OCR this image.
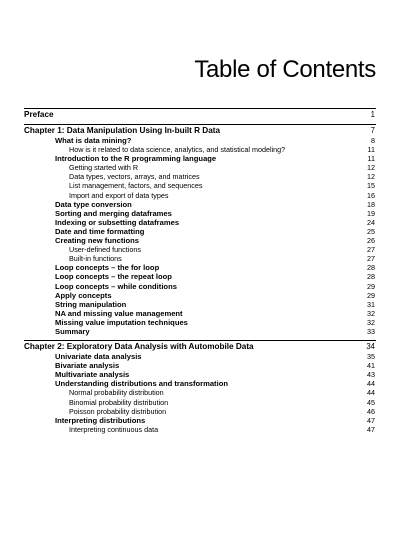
Table of Contents
Preface	1
Chapter 1: Data Manipulation Using In-built R Data	7
What is data mining?	8
How is it related to data science, analytics, and statistical modeling?	11
Introduction to the R programming language	11
Getting started with R	12
Data types, vectors, arrays, and matrices	12
List management, factors, and sequences	15
Import and export of data types	16
Data type conversion	18
Sorting and merging dataframes	19
Indexing or subsetting dataframes	24
Date and time formatting	25
Creating new functions	26
User-defined functions	27
Built-in functions	27
Loop concepts – the for loop	28
Loop concepts – the repeat loop	28
Loop concepts – while conditions	29
Apply concepts	29
String manipulation	31
NA and missing value management	32
Missing value imputation techniques	32
Summary	33
Chapter 2: Exploratory Data Analysis with Automobile Data	34
Univariate data analysis	35
Bivariate analysis	41
Multivariate analysis	43
Understanding distributions and transformation	44
Normal probability distribution	44
Binomial probability distribution	45
Poisson probability distribution	46
Interpreting distributions	47
Interpreting continuous data	47
